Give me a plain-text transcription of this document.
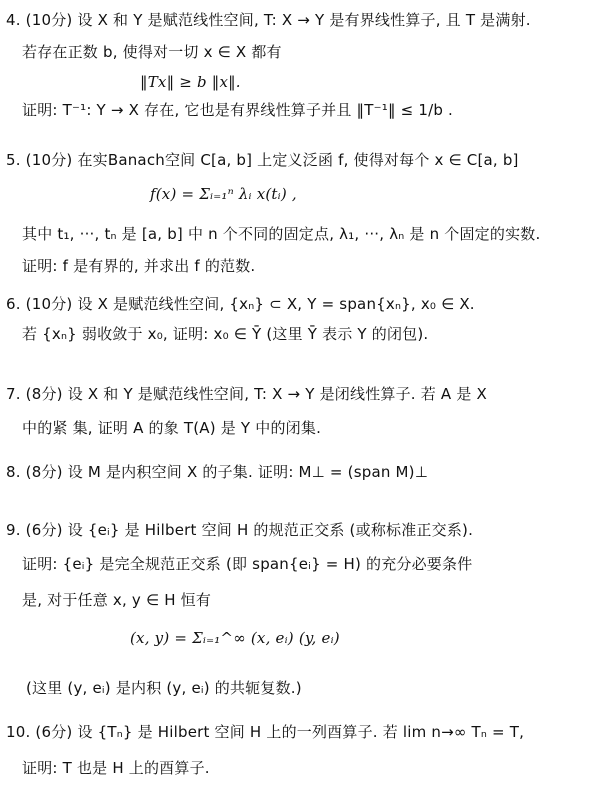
4. (10分) 设 X 和 Y 是赋范线性空间, T: X → Y 是有界线性算子, 且 T 是满射.
若存在正数 b, 使得对一切 x ∈ X 都有
‖Tx‖ ≥ b ‖x‖.
证明: T⁻¹: Y → X 存在, 它也是有界线性算子并且 ‖T⁻¹‖ ≤ 1/b .
5. (10分) 在实Banach空间 C[a, b] 上定义泛函 f, 使得对每个 x ∈ C[a, b]
f(x) = Σᵢ₌₁ⁿ λᵢ x(tᵢ) ,
其中 t₁, ···, tₙ 是 [a, b] 中 n 个不同的固定点, λ₁, ···, λₙ 是 n 个固定的实数.
证明: f 是有界的, 并求出 f 的范数.
6. (10分) 设 X 是赋范线性空间, {xₙ} ⊂ X, Y = span{xₙ}, x₀ ∈ X.
若 {xₙ} 弱收敛于 x₀, 证明: x₀ ∈ Ȳ (这里 Ȳ 表示 Y 的闭包).
7. (8分) 设 X 和 Y 是赋范线性空间, T: X → Y 是闭线性算子. 若 A 是 X
中的紧 集, 证明 A 的象 T(A) 是 Y 中的闭集.
8. (8分) 设 M 是内积空间 X 的子集. 证明: M⊥ = (span M)⊥
9. (6分) 设 {eᵢ} 是 Hilbert 空间 H 的规范正交系 (或称标准正交系).
证明: {eᵢ} 是完全规范正交系 (即 span{eᵢ} = H) 的充分必要条件
是, 对于任意 x, y ∈ H 恒有
(x, y) = Σᵢ₌₁^∞ (x, eᵢ) (y, eᵢ)
(这里 (y, eᵢ) 是内积 (y, eᵢ) 的共轭复数.)
10. (6分) 设 {Tₙ} 是 Hilbert 空间 H 上的一列酉算子. 若 lim n→∞ Tₙ = T,
证明: T 也是 H 上的酉算子.
